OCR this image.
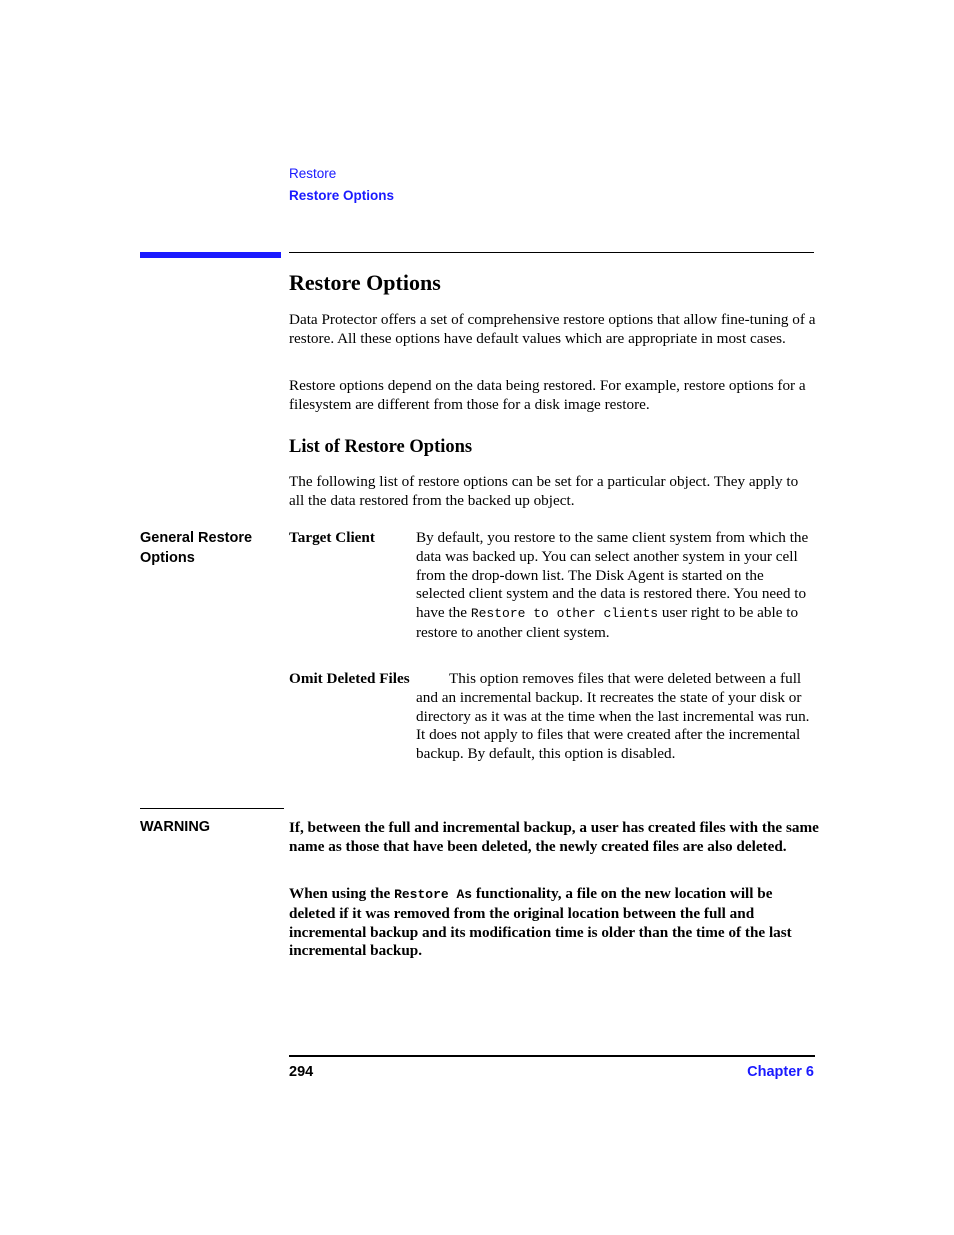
Restore
Restore Options
Restore Options

Data Protector offers a set of comprehensive restore options that allow fine-tuning of a restore. All these options have default values which are appropriate in most cases.

Restore options depend on the data being restored. For example, restore options for a filesystem are different from those for a disk image restore.

List of Restore Options

The following list of restore options can be set for a particular object. They apply to all the data restored from the backed up object.

General Restore Options
Target Client	By default, you restore to the same client system from which the data was backed up. You can select another system in your cell from the drop-down list. The Disk Agent is started on the selected client system and the data is restored there. You need to have the Restore to other clients user right to be able to restore to another client system.

Omit Deleted Files	This option removes files that were deleted between a full and an incremental backup. It recreates the state of your disk or directory as it was at the time when the last incremental was run. It does not apply to files that were created after the incremental backup. By default, this option is disabled.

WARNING	If, between the full and incremental backup, a user has created files with the same name as those that have been deleted, the newly created files are also deleted.

When using the Restore As functionality, a file on the new location will be deleted if it was removed from the original location between the full and incremental backup and its modification time is older than the time of the last incremental backup.

294	Chapter 6
